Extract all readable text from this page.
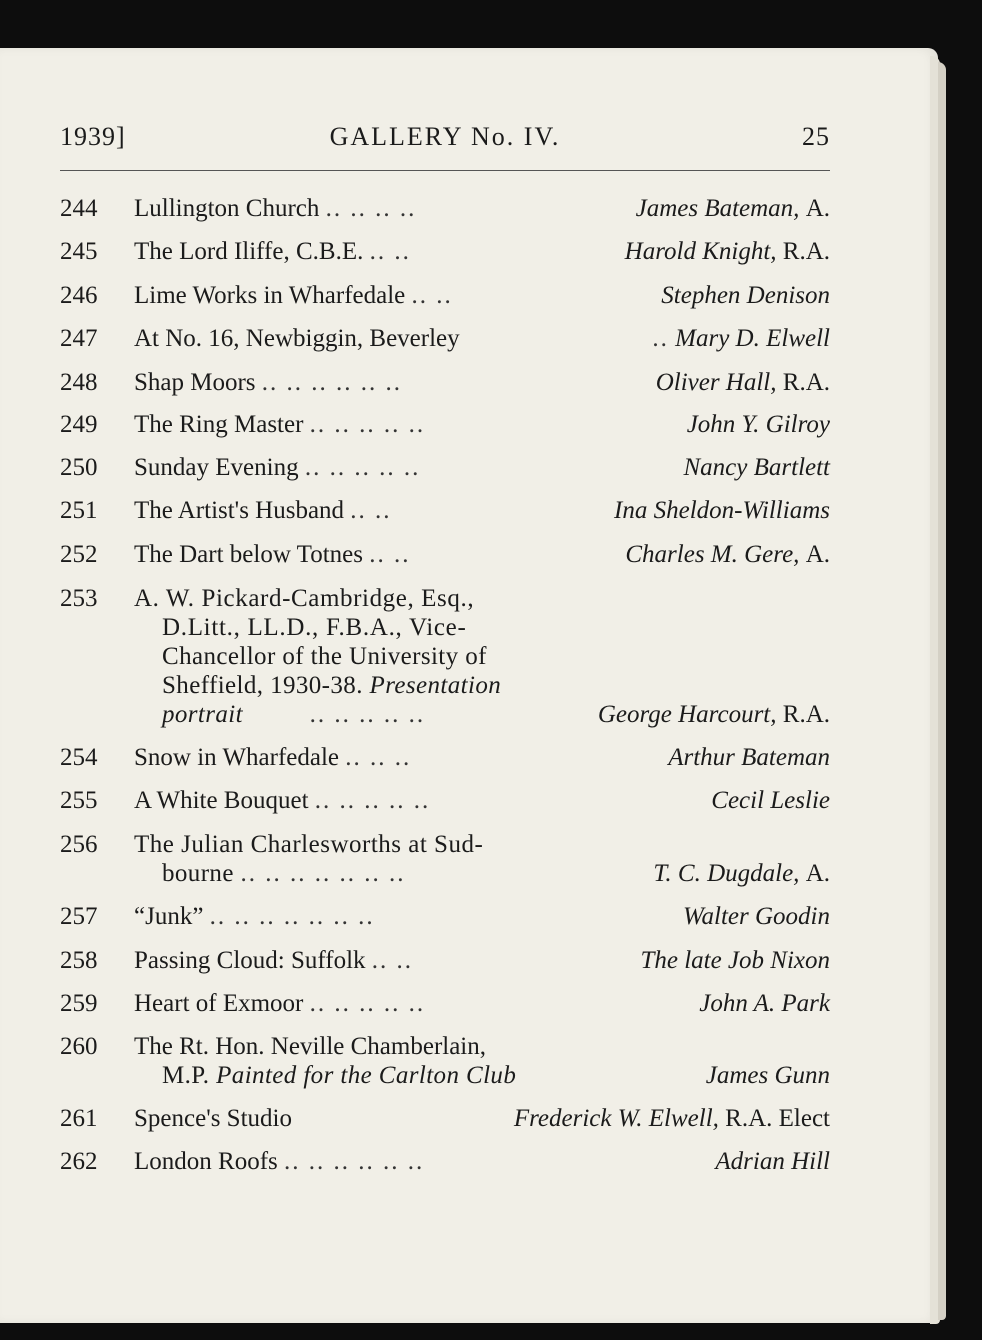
1939]	GALLERY No. IV.	25
244	Lullington Church .. .. .. ..	James Bateman, A.
245	The Lord Iliffe, C.B.E. .. ..	Harold Knight, R.A.
246	Lime Works in Wharfedale .. ..	Stephen Denison
247	At No. 16, Newbiggin, Beverley	.. Mary D. Elwell
248	Shap Moors .. .. .. .. .. ..	Oliver Hall, R.A.
249	The Ring Master .. .. .. .. ..	John Y. Gilroy
250	Sunday Evening .. .. .. .. ..	Nancy Bartlett
251	The Artist's Husband .. ..	Ina Sheldon-Williams
252	The Dart below Totnes .. ..	Charles M. Gere, A.
253	A. W. Pickard-Cambridge, Esq.,
D.Litt., LL.D., F.B.A., Vice-
Chancellor of the University of
Sheffield, 1930-38. Presentation
portrait	.. .. .. .. ..	George Harcourt, R.A.
254	Snow in Wharfedale .. .. ..	Arthur Bateman
255	A White Bouquet .. .. .. .. ..	Cecil Leslie
256	The Julian Charlesworths at Sud-
bourne .. .. .. .. .. .. ..	T. C. Dugdale, A.
257	“Junk” .. .. .. .. .. .. ..	Walter Goodin
258	Passing Cloud: Suffolk .. ..	The late Job Nixon
259	Heart of Exmoor .. .. .. .. ..	John A. Park
260	The Rt. Hon. Neville Chamberlain,
M.P. Painted for the Carlton Club	James Gunn
261	Spence's Studio	Frederick W. Elwell, R.A. Elect
262	London Roofs .. .. .. .. .. ..	Adrian Hill
